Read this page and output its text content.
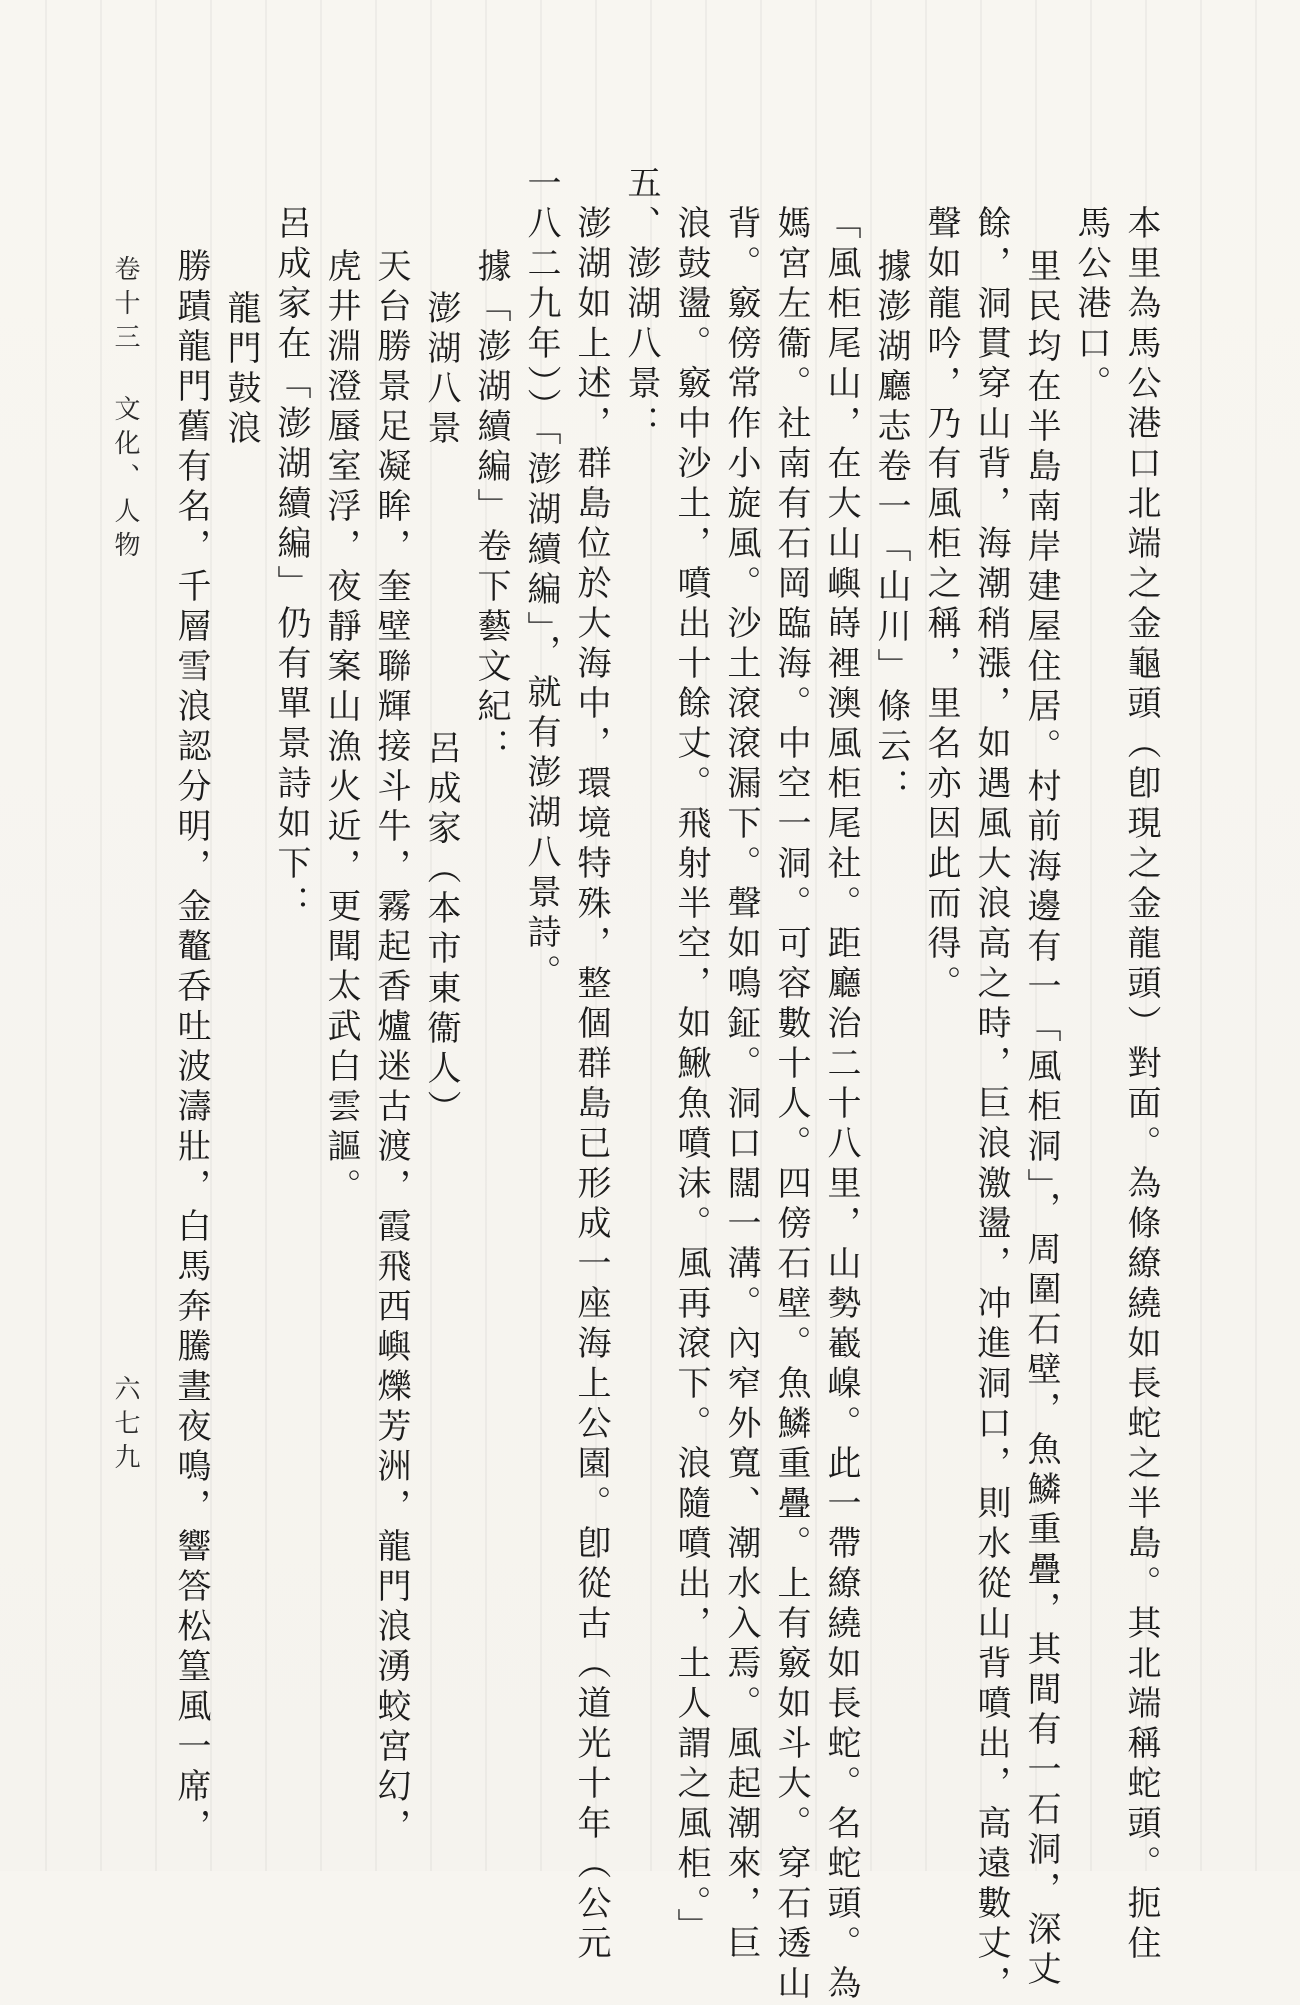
本里為馬公港口北端之金龜頭（卽現之金龍頭）對面。為條繚繞如長蛇之半島。其北端稱蛇頭。扼住
馬公港口。
里民均在半島南岸建屋住居。村前海邊有一「風柜洞」，周圍石壁，魚鱗重疊，其間有一石洞，深丈
餘，洞貫穿山背，海潮稍漲，如遇風大浪高之時，巨浪激盪，冲進洞口，則水從山背噴出，高遠數丈，
聲如龍吟，乃有風柜之稱，里名亦因此而得。
據澎湖廳志卷一「山川」條云：
「風柜尾山，在大山嶼嵵裡澳風柜尾社。距廳治二十八里，山勢嶻嵲。此一帶繚繞如長蛇。名蛇頭。為
媽宮左衞。社南有石岡臨海。中空一洞。可容數十人。四傍石壁。魚鱗重疊。上有竅如斗大。穿石透山
背。竅傍常作小旋風。沙土滾滾漏下。聲如鳴鉦。洞口闊一溝。內窄外寬、潮水入焉。風起潮來，巨
浪鼓盪。竅中沙土，噴出十餘丈。飛射半空，如鰍魚噴沫。風再滾下。浪隨噴出，土人謂之風柜。」
五、澎湖八景：
澎湖如上述，群島位於大海中，環境特殊，整個群島已形成一座海上公園。卽從古（道光十年（公元
一八二九年））「澎湖續編」，就有澎湖八景詩。
據「澎湖續編」卷下藝文紀：
澎湖八景　　　　　　　呂成家（本市東衞人）
天台勝景足凝眸，奎壁聯輝接斗牛，霧起香爐迷古渡，霞飛西嶼爍芳洲，龍門浪湧蛟宮幻，
虎井淵澄蜃室浮，夜靜案山漁火近，更聞太武白雲謳。
呂成家在「澎湖續編」仍有單景詩如下：
龍門鼓浪
勝蹟龍門舊有名，千層雪浪認分明，金鼇呑吐波濤壯，白馬奔騰晝夜鳴，響答松篁風一席，
卷十三
文化、人物
六七九
